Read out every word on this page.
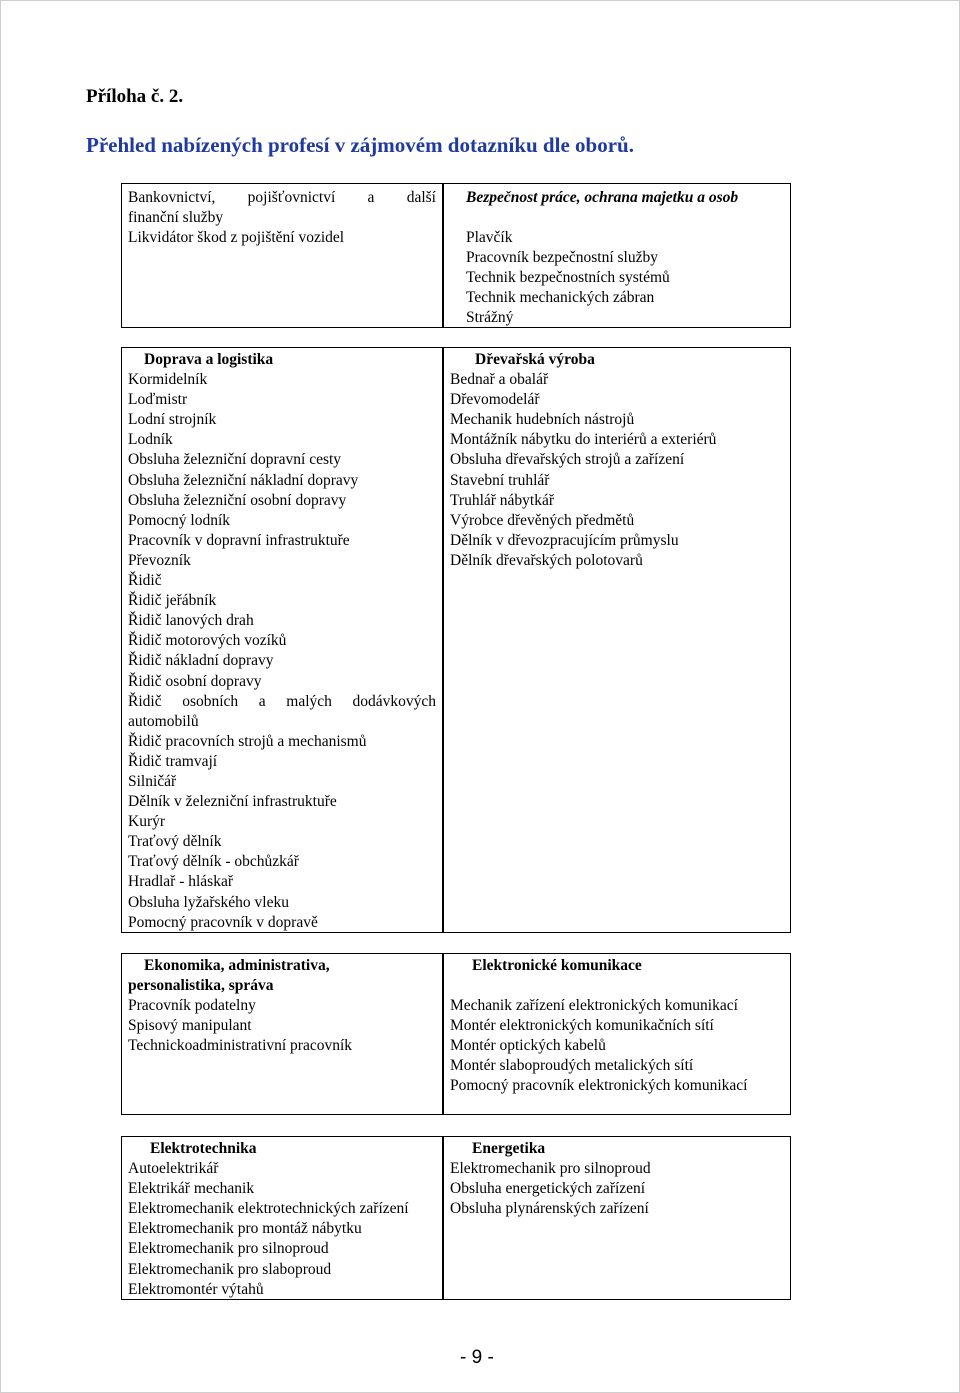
Příloha č. 2.
Přehled nabízených profesí v zájmovém dotazníku dle oborů.
Bankovnictví, pojišťovnictví a další
finanční služby
Likvidátor škod z pojištění vozidel
Bezpečnost práce, ochrana majetku a osob
Plavčík
Pracovník bezpečnostní služby
Technik bezpečnostních systémů
Technik mechanických zábran
Strážný
Doprava a logistika
Kormidelník
Loďmistr
Lodní strojník
Lodník
Obsluha železniční dopravní cesty
Obsluha železniční nákladní dopravy
Obsluha železniční osobní dopravy
Pomocný lodník
Pracovník v dopravní infrastruktuře
Převozník
Řidič
Řidič jeřábník
Řidič lanových drah
Řidič motorových vozíků
Řidič nákladní dopravy
Řidič osobní dopravy
Řidič osobních a malých dodávkových
automobilů
Řidič pracovních strojů a mechanismů
Řidič tramvají
Silničář
Dělník v železniční infrastruktuře
Kurýr
Traťový dělník
Traťový dělník - obchůzkář
Hradlař - hláskař
Obsluha lyžařského vleku
Pomocný pracovník v dopravě
Dřevařská výroba
Bednař a obalář
Dřevomodelář
Mechanik hudebních nástrojů
Montážník nábytku do interiérů a exteriérů
Obsluha dřevařských strojů a zařízení
Stavební truhlář
Truhlář nábytkář
Výrobce dřevěných předmětů
Dělník v dřevozpracujícím průmyslu
Dělník dřevařských polotovarů
Ekonomika, administrativa,
personalistika, správa
Pracovník podatelny
Spisový manipulant
Technickoadministrativní pracovník
Elektronické komunikace
Mechanik zařízení elektronických komunikací
Montér elektronických komunikačních sítí
Montér optických kabelů
Montér slaboproudých metalických sítí
Pomocný pracovník elektronických komunikací
Elektrotechnika
Autoelektrikář
Elektrikář mechanik
Elektromechanik elektrotechnických zařízení
Elektromechanik pro montáž nábytku
Elektromechanik pro silnoproud
Elektromechanik pro slaboproud
Elektromontér výtahů
Energetika
Elektromechanik pro silnoproud
Obsluha energetických zařízení
Obsluha plynárenských zařízení
- 9 -
